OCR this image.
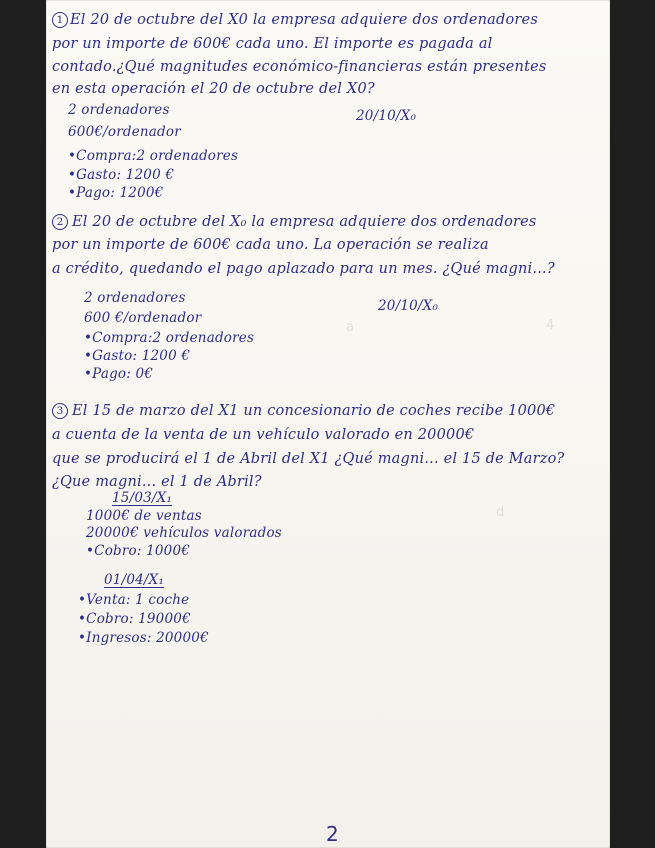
1 El 20 de octubre del X0 la empresa adquiere dos ordenadores
por un importe de 600€ cada uno. El importe es pagada al
contado.¿Qué magnitudes económico-financieras están presentes
en esta operación el 20 de octubre del X0?
2 ordenadores	20/10/X₀
600€/ordenador
•Compra:2 ordenadores
•Gasto: 1200 €
•Pago: 1200€
2 El 20 de octubre del X₀ la empresa adquiere dos ordenadores
por un importe de 600€ cada uno. La operación se realiza
a crédito, quedando el pago aplazado para un mes. ¿Qué magni...?
2 ordenadores	20/10/X₀
600 €/ordenador
•Compra:2 ordenadores
•Gasto: 1200 €
•Pago: 0€
a	4
d
3 El 15 de marzo del X1 un concesionario de coches recibe 1000€
a cuenta de la venta de un vehículo valorado en 20000€
que se producirá el 1 de Abril del X1 ¿Qué magni... el 15 de Marzo?
¿Que magni... el 1 de Abril?
15/03/X₁
1000€ de ventas
20000€ vehículos valorados
•Cobro: 1000€
01/04/X₁
•Venta: 1 coche
•Cobro: 19000€
•Ingresos: 20000€
2
